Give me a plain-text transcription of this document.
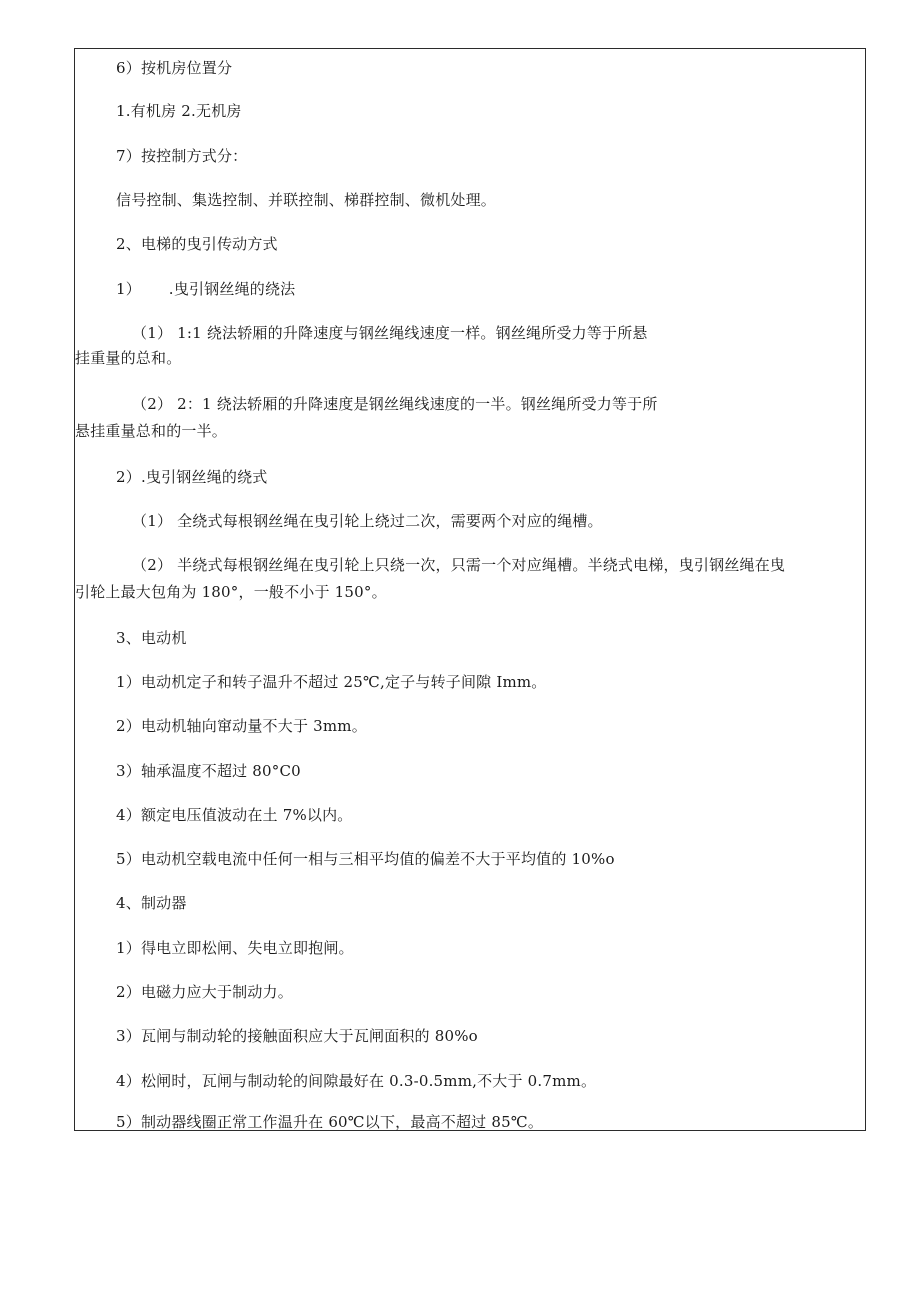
6）按机房位置分
1.有机房 2.无机房
7）按控制方式分：
信号控制、集选控制、并联控制、梯群控制、微机处理。
2、电梯的曳引传动方式
1）　　 .曳引钢丝绳的绕法
（1） 1:1 绕法轿厢的升降速度与钢丝绳线速度一样。钢丝绳所受力等于所悬
挂重量的总和。
（2） 2：1 绕法轿厢的升降速度是钢丝绳线速度的一半。钢丝绳所受力等于所
悬挂重量总和的一半。
2）.曳引钢丝绳的绕式
（1） 全绕式每根钢丝绳在曳引轮上绕过二次，需要两个对应的绳槽。
（2） 半绕式每根钢丝绳在曳引轮上只绕一次，只需一个对应绳槽。半绕式电梯，曳引钢丝绳在曳
引轮上最大包角为 180°，一般不小于 150°。
3、电动机
1）电动机定子和转子温升不超过 25℃,定子与转子间隙 Imm。
2）电动机轴向窜动量不大于 3mm。
3）轴承温度不超过 80°C0
4）额定电压值波动在土 7%以内。
5）电动机空载电流中任何一相与三相平均值的偏差不大于平均值的 10%o
4、制动器
1）得电立即松闸、失电立即抱闸。
2）电磁力应大于制动力。
3）瓦闸与制动轮的接触面积应大于瓦闸面积的 80%o
4）松闸时，瓦闸与制动轮的间隙最好在 0.3-0.5mm,不大于 0.7mm。
5）制动器线圈正常工作温升在 60℃以下，最高不超过 85℃。
